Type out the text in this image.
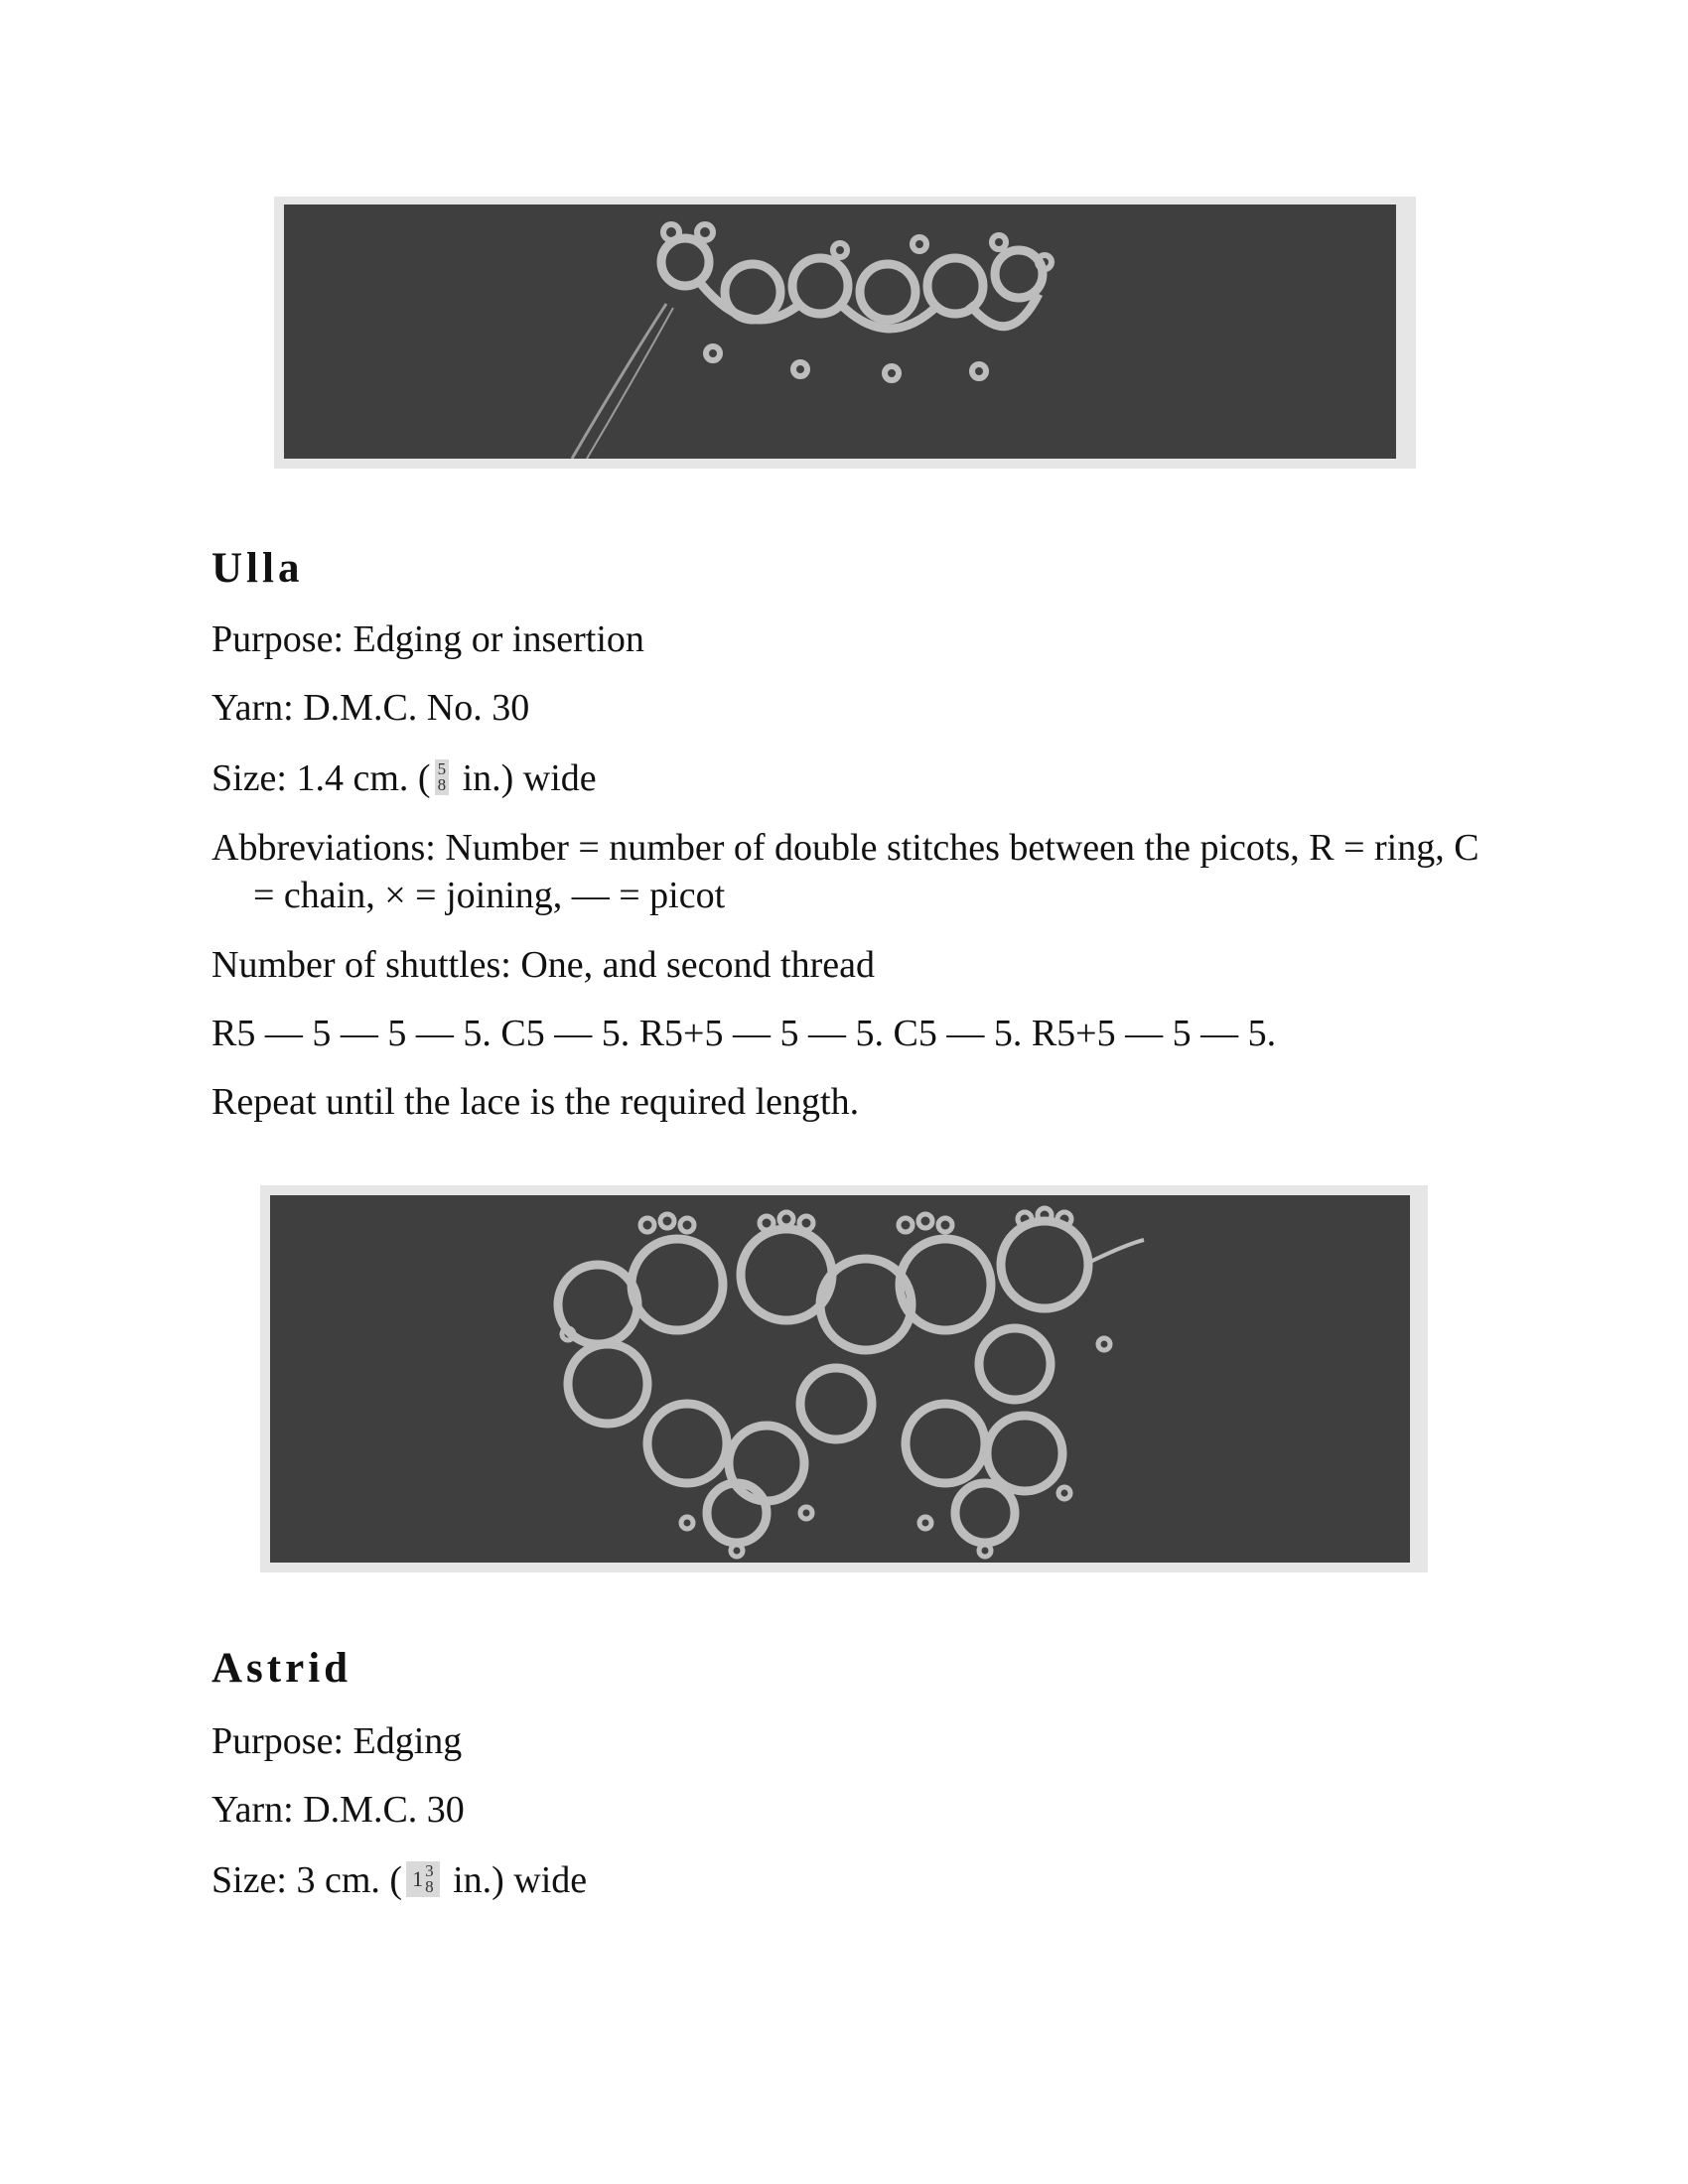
Ulla

Purpose: Edging or insertion

Yarn: D.M.C. No. 30

Size: 1.4 cm. ( 5
8 in.) wide

Abbreviations: Number = number of double stitches between the picots, R = ring, C = chain, × = joining, — = picot

Number of shuttles: One, and second thread

R5 — 5 — 5 — 5. C5 — 5. R5+5 — 5 — 5. C5 — 5. R5+5 — 5 — 5.

Repeat until the lace is the required length.

Astrid

Purpose: Edging

Yarn: D.M.C. 30

Size: 3 cm. ( 1 3
8 in.) wide
